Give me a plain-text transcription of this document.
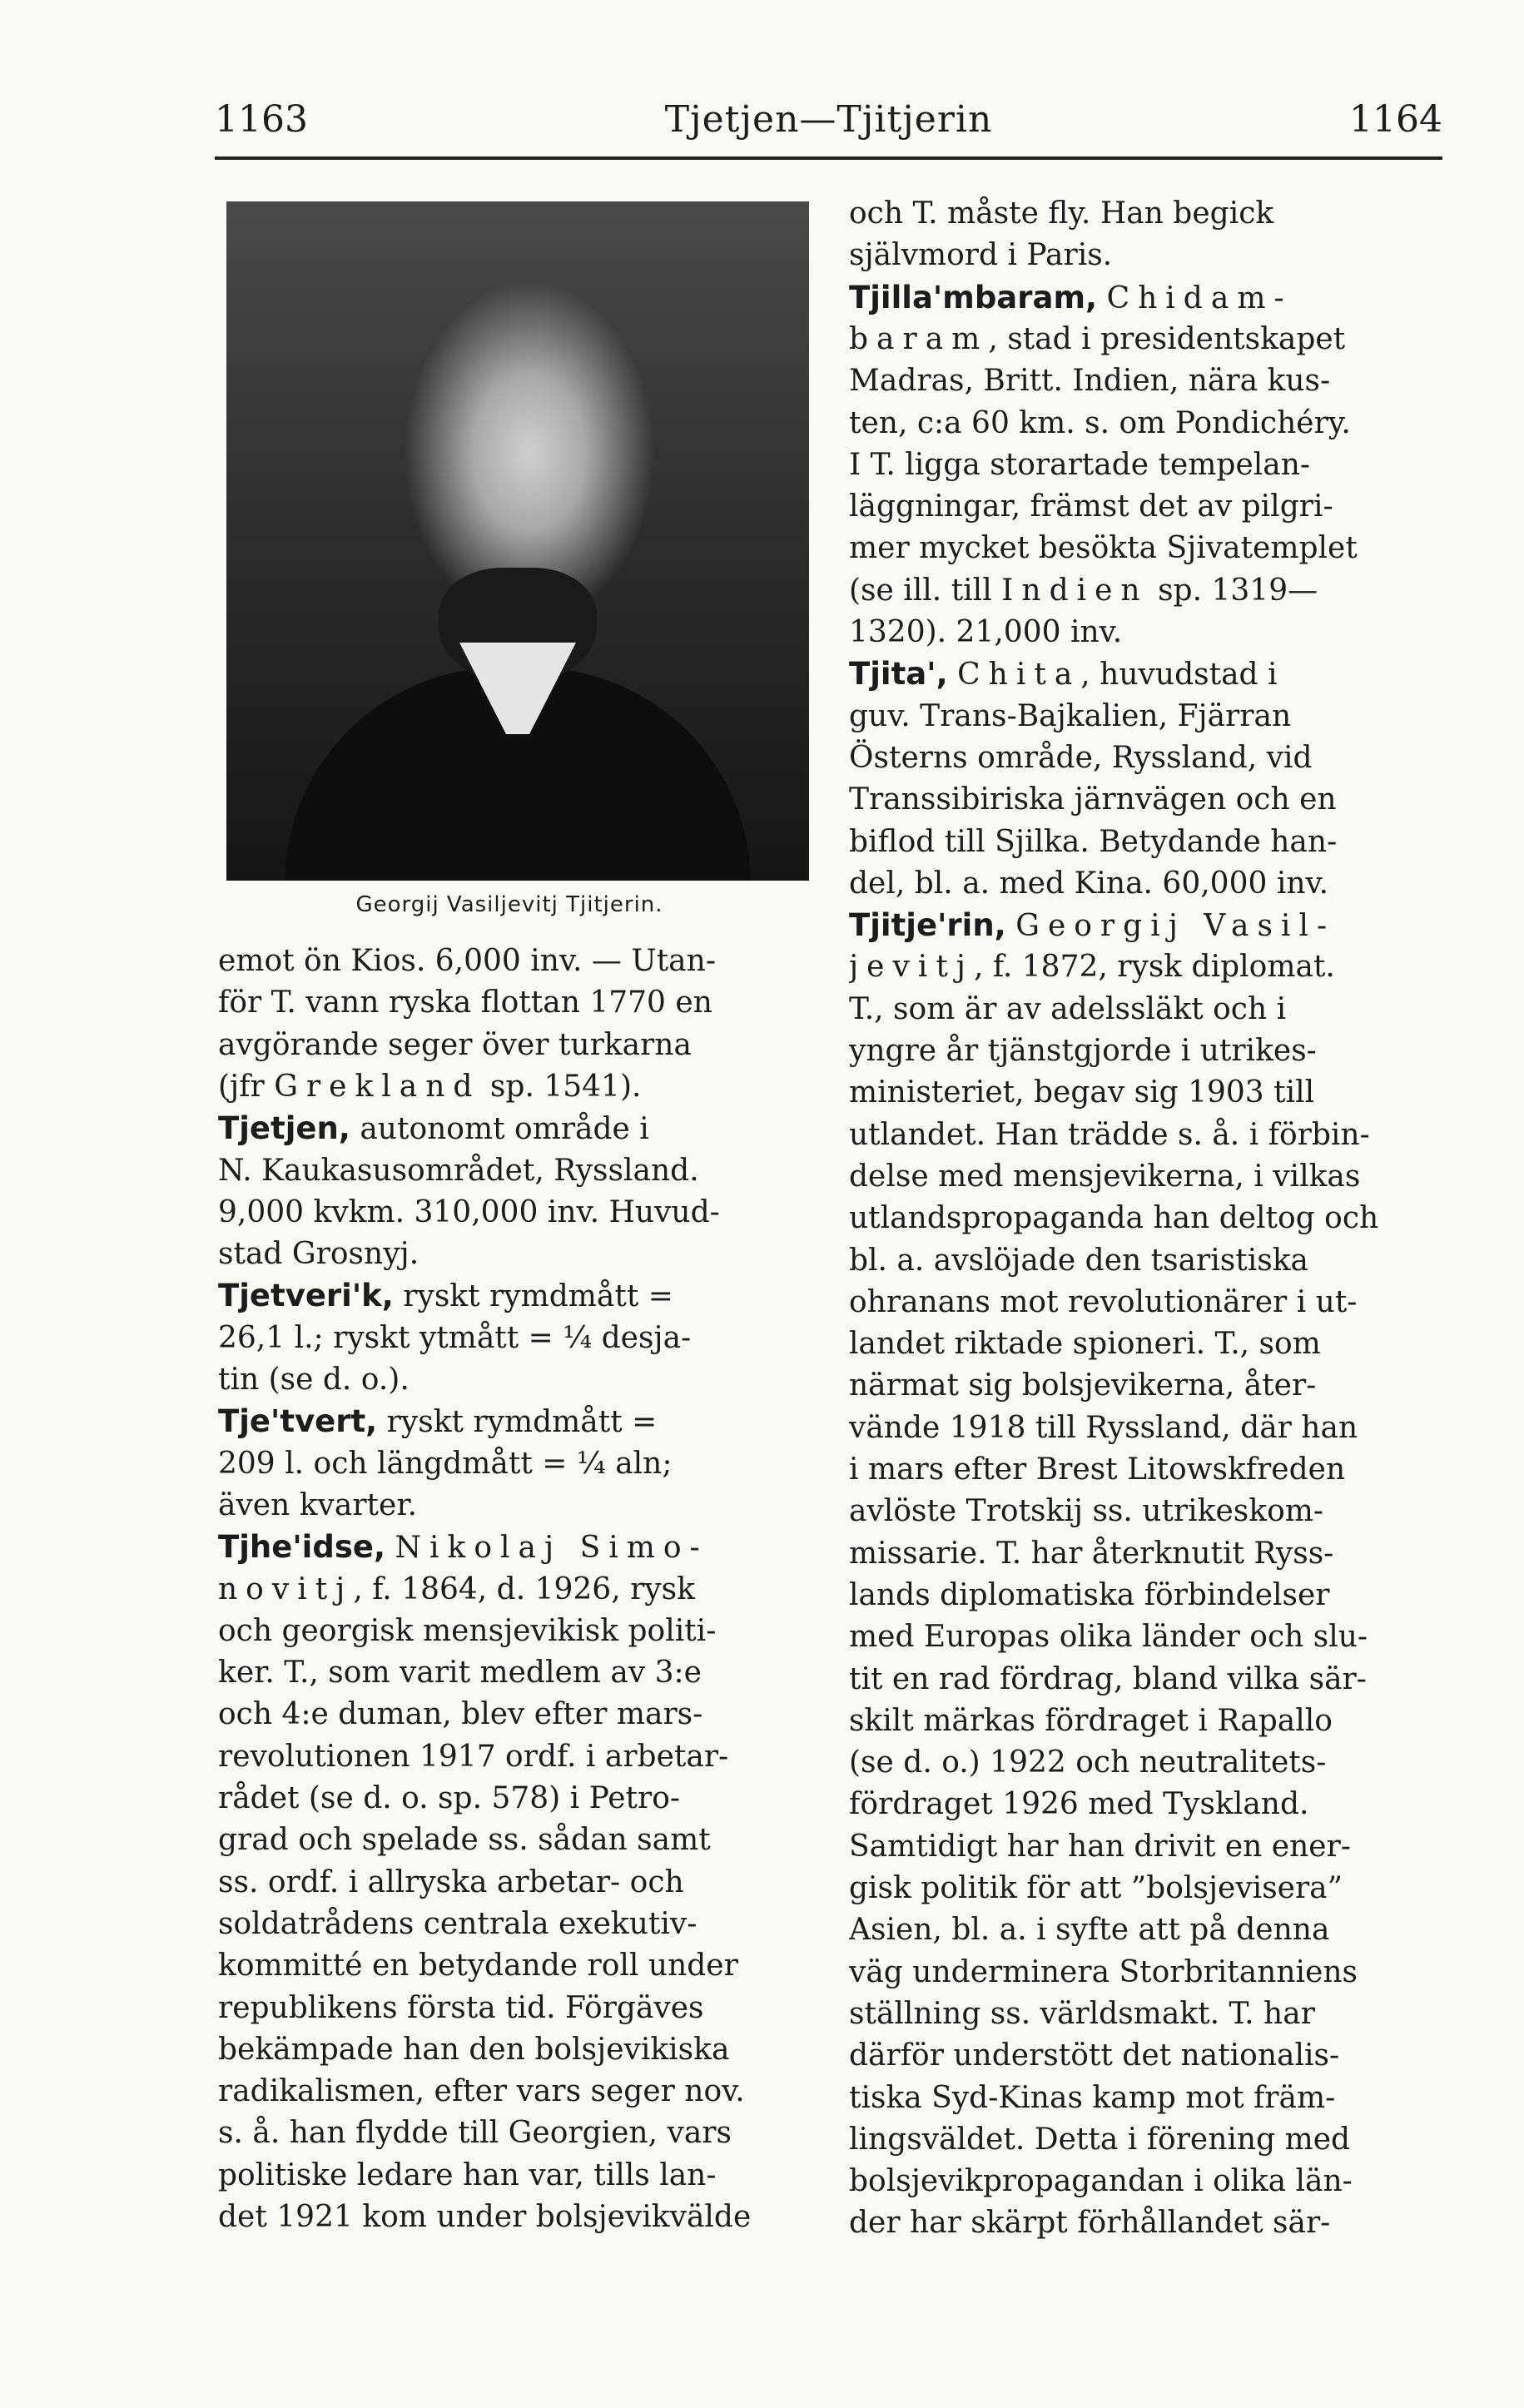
1163	Tjetjen—Tjitjerin	1164
Georgij Vasiljevitj Tjitjerin.
emot ön Kios. 6,000 inv. — Utan-
för T. vann ryska flottan 1770 en
avgörande seger över turkarna
(jfr Grekland sp. 1541).
Tjetjen, autonomt område i
N. Kaukasusområdet, Ryssland.
9,000 kvkm. 310,000 inv. Huvud-
stad Grosnyj.
Tjetveri'k, ryskt rymdmått =
26,1 l.; ryskt ytmått = ¼ desja-
tin (se d. o.).
Tje'tvert, ryskt rymdmått =
209 l. och längdmått = ¼ aln;
även kvarter.
Tjhe'idse, Nikolaj Simo-
novitj, f. 1864, d. 1926, rysk
och georgisk mensjevikisk politi-
ker. T., som varit medlem av 3:e
och 4:e duman, blev efter mars-
revolutionen 1917 ordf. i arbetar-
rådet (se d. o. sp. 578) i Petro-
grad och spelade ss. sådan samt
ss. ordf. i allryska arbetar- och
soldatrådens centrala exekutiv-
kommitté en betydande roll under
republikens första tid. Förgäves
bekämpade han den bolsjevikiska
radikalismen, efter vars seger nov.
s. å. han flydde till Georgien, vars
politiske ledare han var, tills lan-
det 1921 kom under bolsjevikvälde
och T. måste fly. Han begick
självmord i Paris.
Tjilla'mbaram, Chidam-
baram, stad i presidentskapet
Madras, Britt. Indien, nära kus-
ten, c:a 60 km. s. om Pondichéry.
I T. ligga storartade tempelan-
läggningar, främst det av pilgri-
mer mycket besökta Sjivatemplet
(se ill. till Indien sp. 1319—
1320). 21,000 inv.
Tjita', Chita, huvudstad i
guv. Trans-Bajkalien, Fjärran
Österns område, Ryssland, vid
Transsibiriska järnvägen och en
biflod till Sjilka. Betydande han-
del, bl. a. med Kina. 60,000 inv.
Tjitje'rin, Georgij Vasil-
jevitj, f. 1872, rysk diplomat.
T., som är av adelssläkt och i
yngre år tjänstgjorde i utrikes-
ministeriet, begav sig 1903 till
utlandet. Han trädde s. å. i förbin-
delse med mensjevikerna, i vilkas
utlandspropaganda han deltog och
bl. a. avslöjade den tsaristiska
ohranans mot revolutionärer i ut-
landet riktade spioneri. T., som
närmat sig bolsjevikerna, åter-
vände 1918 till Ryssland, där han
i mars efter Brest Litowskfreden
avlöste Trotskij ss. utrikeskom-
missarie. T. har återknutit Ryss-
lands diplomatiska förbindelser
med Europas olika länder och slu-
tit en rad fördrag, bland vilka sär-
skilt märkas fördraget i Rapallo
(se d. o.) 1922 och neutralitets-
fördraget 1926 med Tyskland.
Samtidigt har han drivit en ener-
gisk politik för att ”bolsjevisera”
Asien, bl. a. i syfte att på denna
väg underminera Storbritanniens
ställning ss. världsmakt. T. har
därför understött det nationalis-
tiska Syd-Kinas kamp mot främ-
lingsväldet. Detta i förening med
bolsjevikpropagandan i olika län-
der har skärpt förhållandet sär-
